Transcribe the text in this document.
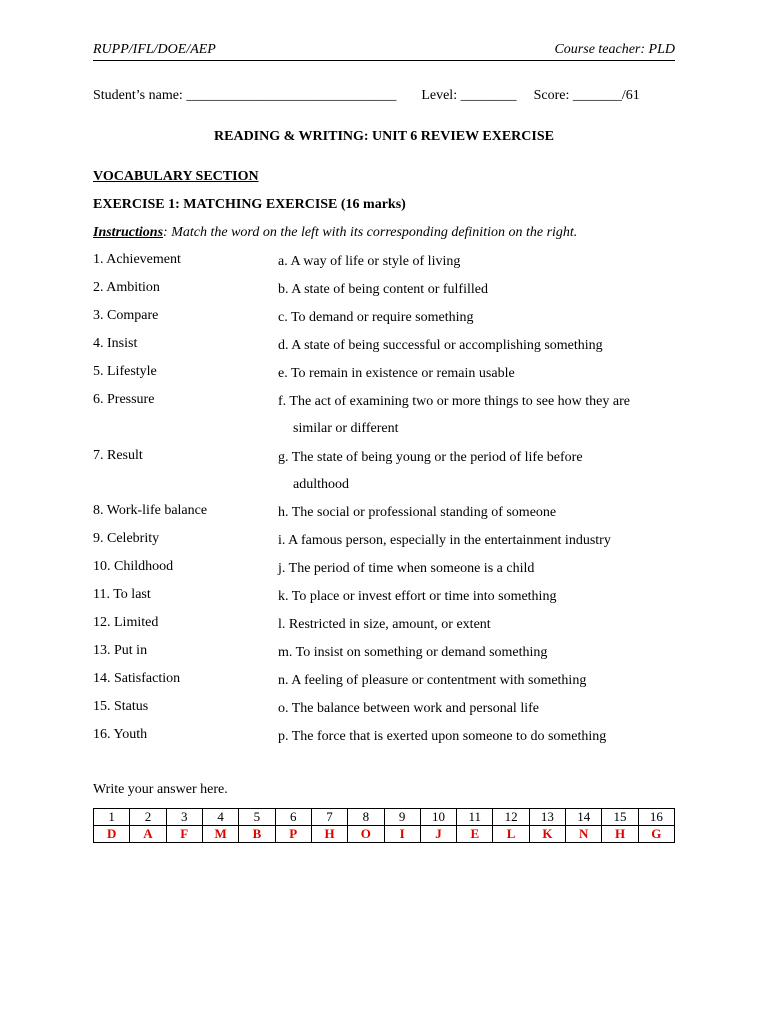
RUPP/IFL/DOE/AEP	Course teacher: PLD
Student’s name: ______________________________ Level: ________ Score: _______/61
READING & WRITING: UNIT 6 REVIEW EXERCISE
VOCABULARY SECTION
EXERCISE 1: MATCHING EXERCISE (16 marks)
Instructions: Match the word on the left with its corresponding definition on the right.
1. Achievement	a. A way of life or style of living
2. Ambition	b. A state of being content or fulfilled
3. Compare	c. To demand or require something
4. Insist	d. A state of being successful or accomplishing something
5. Lifestyle	e. To remain in existence or remain usable
6. Pressure	f. The act of examining two or more things to see how they are
similar or different
7. Result	g. The state of being young or the period of life before
adulthood
8. Work-life balance	h. The social or professional standing of someone
9. Celebrity	i. A famous person, especially in the entertainment industry
10. Childhood	j. The period of time when someone is a child
11. To last	k. To place or invest effort or time into something
12. Limited	l. Restricted in size, amount, or extent
13. Put in	m. To insist on something or demand something
14. Satisfaction	n. A feeling of pleasure or contentment with something
15. Status	o. The balance between work and personal life
16. Youth	p. The force that is exerted upon someone to do something
Write your answer here.
1	2	3	4	5	6	7	8	9	10	11	12	13	14	15	16
D	A	F	M	B	P	H	O	I	J	E	L	K	N	H	G
